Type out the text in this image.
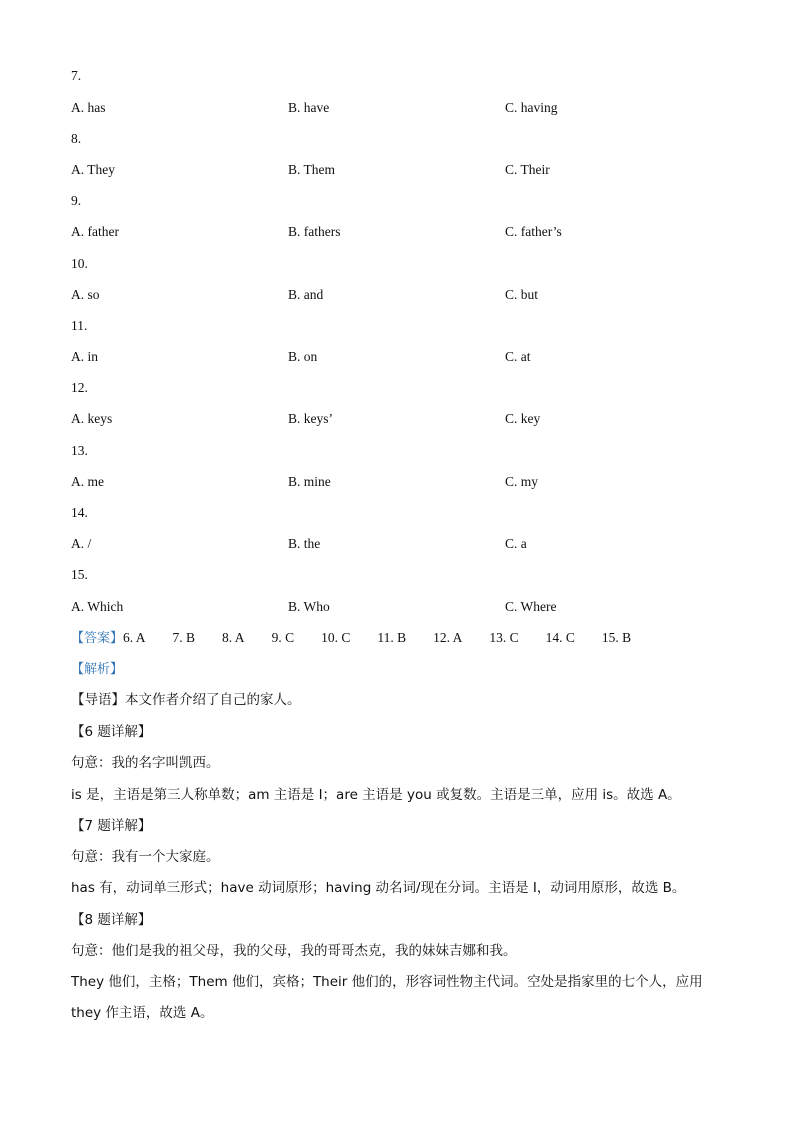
7.
A. has	B. have	C. having
8.
A. They	B. Them	C. Their
9.
A. father	B. fathers	C. father’s
10.
A. so	B. and	C. but
11.
A. in	B. on	C. at
12.
A. keys	B. keys’	C. key
13.
A. me	B. mine	C. my
14.
A. /	B. the	C. a
15.
A. Which	B. Who	C. Where
【答案】6. A 7. B 8. A 9. C 10. C 11. B 12. A 13. C 14. C 15. B
【解析】
【导语】本文作者介绍了自己的家人。
【6 题详解】
句意：我的名字叫凯西。
is 是，主语是第三人称单数；am 主语是 I；are 主语是 you 或复数。主语是三单，应用 is。故选 A。
【7 题详解】
句意：我有一个大家庭。
has 有，动词单三形式；have 动词原形；having 动名词/现在分词。主语是 I，动词用原形，故选 B。
【8 题详解】
句意：他们是我的祖父母，我的父母，我的哥哥杰克，我的妹妹吉娜和我。
They 他们，主格；Them 他们，宾格；Their 他们的，形容词性物主代词。空处是指家里的七个人，应用
they 作主语，故选 A。
